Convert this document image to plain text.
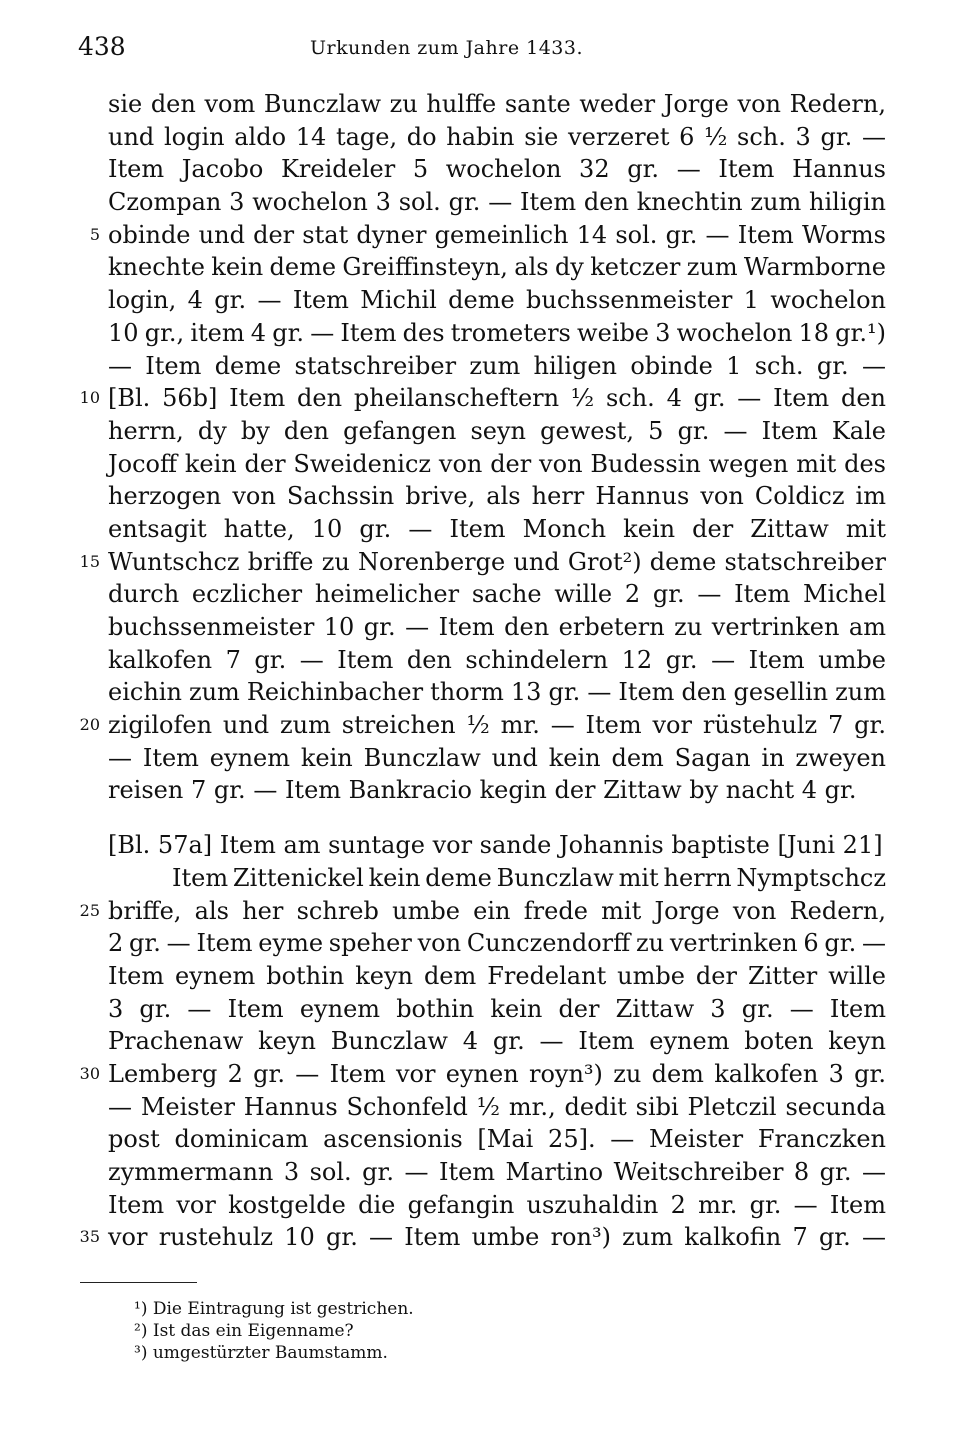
438	Urkunden zum Jahre 1433.
sie den vom Bunczlaw zu hulffe sante weder Jorge von Redern,
und login aldo 14 tage, do habin sie verzeret 6 ½ sch. 3 gr. —
Item Jacobo Kreideler 5 wochelon 32 gr. — Item Hannus
Czompan 3 wochelon 3 sol. gr. — Item den knechtin zum hiligin
5 obinde und der stat dyner gemeinlich 14 sol. gr. — Item Worms
knechte kein deme Greiffinsteyn, als dy ketczer zum Warmborne
login, 4 gr. — Item Michil deme buchssenmeister 1 wochelon
10 gr., item 4 gr. — Item des trometers weibe 3 wochelon 18 gr.¹)
— Item deme statschreiber zum hiligen obinde 1 sch. gr. —
10 [Bl. 56b] Item den pheilanscheftern ½ sch. 4 gr. — Item den
herrn, dy by den gefangen seyn gewest, 5 gr. — Item Kale
Jocoff kein der Sweidenicz von der von Budessin wegen mit des
herzogen von Sachssin brive, als herr Hannus von Coldicz im
entsagit hatte, 10 gr. — Item Monch kein der Zittaw mit
15 Wuntschcz briffe zu Norenberge und Grot²) deme statschreiber
durch eczlicher heimelicher sache wille 2 gr. — Item Michel
buchssenmeister 10 gr. — Item den erbetern zu vertrinken am
kalkofen 7 gr. — Item den schindelern 12 gr. — Item umbe
eichin zum Reichinbacher thorm 13 gr. — Item den gesellin zum
20 zigilofen und zum streichen ½ mr. — Item vor rüstehulz 7 gr.
— Item eynem kein Bunczlaw und kein dem Sagan in zweyen
reisen 7 gr. — Item Bankracio kegin der Zittaw by nacht 4 gr.
[Bl. 57a] Item am suntage vor sande Johannis baptiste [Juni 21]
Item Zittenickel kein deme Bunczlaw mit herrn Nymptschcz
25 briffe, als her schreb umbe ein frede mit Jorge von Redern,
2 gr. — Item eyme speher von Cunczendorff zu vertrinken 6 gr. —
Item eynem bothin keyn dem Fredelant umbe der Zitter wille
3 gr. — Item eynem bothin kein der Zittaw 3 gr. — Item
Prachenaw keyn Bunczlaw 4 gr. — Item eynem boten keyn
30 Lemberg 2 gr. — Item vor eynen royn³) zu dem kalkofen 3 gr.
— Meister Hannus Schonfeld ½ mr., dedit sibi Pletczil secunda
post dominicam ascensionis [Mai 25]. — Meister Franczken
zymmermann 3 sol. gr. — Item Martino Weitschreiber 8 gr. —
Item vor kostgelde die gefangin uszuhaldin 2 mr. gr. — Item
35 vor rustehulz 10 gr. — Item umbe ron³) zum kalkofin 7 gr. —
¹) Die Eintragung ist gestrichen.
²) Ist das ein Eigenname?
³) umgestürzter Baumstamm.
